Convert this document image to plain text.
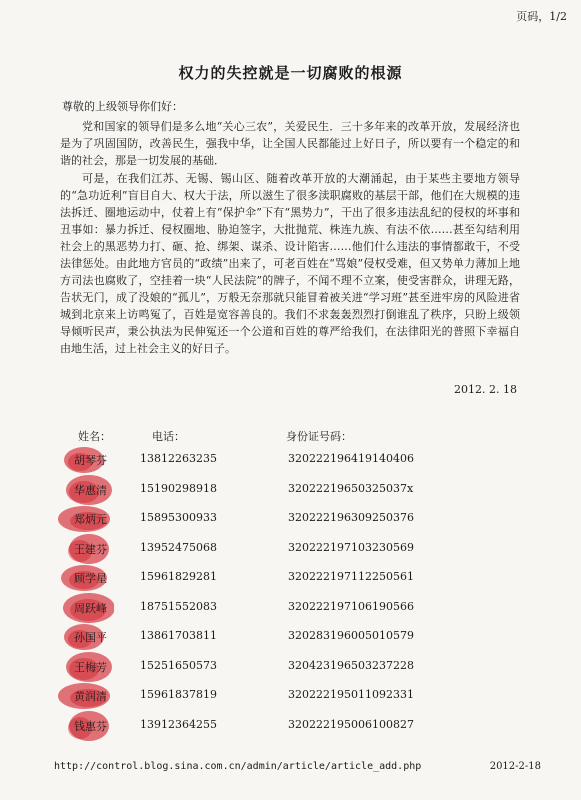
页码，1/2
权力的失控就是一切腐败的根源
尊敬的上级领导你们好：
党和国家的领导们是多么地“关心三农”，关爱民生．三十多年来的改革开放，发展经济也是为了巩固国防，改善民生，强我中华，让全国人民都能过上好日子，所以要有一个稳定的和谐的社会，那是一切发展的基础．
可是，在我们江苏、无锡、锡山区、随着改革开放的大潮涌起，由于某些主要地方领导的“急功近利”盲目自大、权大于法，所以滋生了很多渎职腐败的基层干部，他们在大规模的违法拆迁、圈地运动中，仗着上有“保护伞”下有“黑势力”，干出了很多违法乱纪的侵权的坏事和丑事如：暴力拆迁、侵权圈地、胁迫签字，大批抛荒、株连九族、有法不依……甚至勾结利用社会上的黑恶势力打、砸、抢、绑架、谋杀、设计陷害……他们什么违法的事情都敢干，不受法律惩处。由此地方官员的“政绩”出来了，可老百姓在“骂娘”侵权受难，但又势单力薄加上地方司法也腐败了，空挂着一块“人民法院”的牌子，不闻不理不立案，使受害群众，讲理无路，告状无门，成了没娘的“孤儿”，万般无奈那就只能冒着被关进“学习班”甚至进牢房的风险进省城到北京来上访鸣冤了，百姓是宽容善良的。我们不求轰轰烈烈打倒谁乱了秩序，只盼上级领导倾听民声，秉公执法为民伸冤还一个公道和百姓的尊严给我们，在法律阳光的普照下幸福自由地生活，过上社会主义的好日子。
2012. 2. 18
姓名：	电话：	身份证号码：
胡琴芬	13812263235	320222196419140406
华惠清	15190298918	32022219650325037x
郑炳元	15895300933	320222196309250376
王建芬	13952475068	320222197103230569
顾学星	15961829281	320222197112250561
周跃峰	18751552083	320222197106190566
孙国平	13861703811	320283196005010579
王梅芳	15251650573	320423196503237228
黄润清	15961837819	320222195011092331
钱惠芬	13912364255	320222195006100827
http://control.blog.sina.com.cn/admin/article/article_add.php	2012-2-18
